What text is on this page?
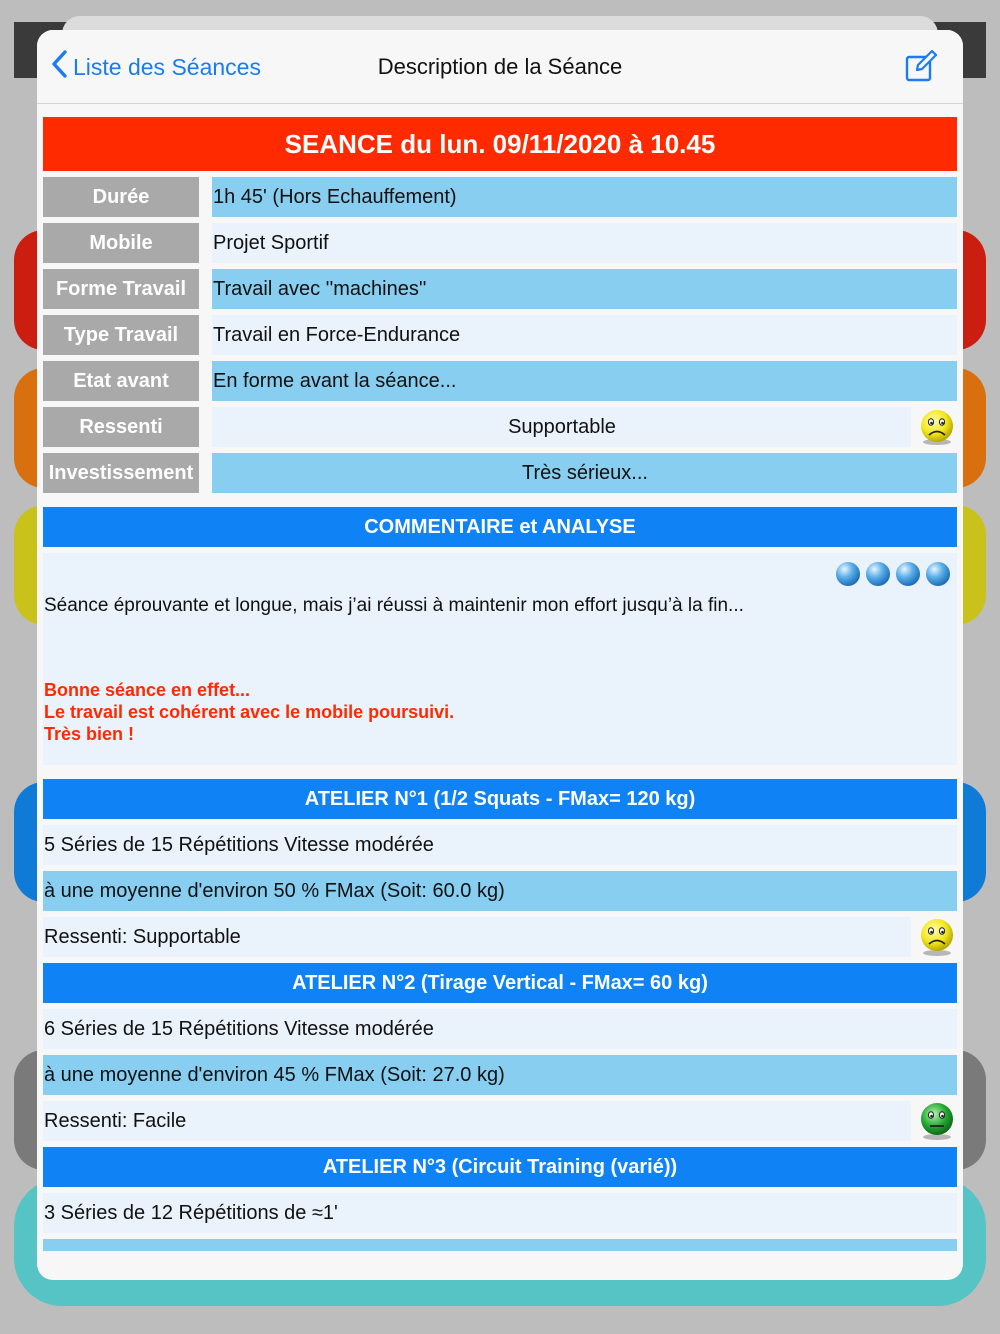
Liste des Séances	Description de la Séance
SEANCE du lun. 09/11/2020 à 10.45
Durée	1h 45' (Hors Echauffement)
Mobile	Projet Sportif
Forme Travail	Travail avec ''machines''
Type Travail	Travail en Force-Endurance
Etat avant	En forme avant la séance...
Ressenti	Supportable
Investissement	Très sérieux...
COMMENTAIRE et ANALYSE
Séance éprouvante et longue, mais j’ai réussi à maintenir mon effort jusqu’à la fin...
Bonne séance en effet...
Le travail est cohérent avec le mobile poursuivi.
Très bien !
ATELIER N°1 (1/2 Squats - FMax= 120 kg)
5 Séries de 15 Répétitions Vitesse modérée
à une moyenne d'environ 50 % FMax (Soit: 60.0 kg)
Ressenti: Supportable
ATELIER N°2 (Tirage Vertical - FMax= 60 kg)
6 Séries de 15 Répétitions Vitesse modérée
à une moyenne d'environ 45 % FMax (Soit: 27.0 kg)
Ressenti: Facile
ATELIER N°3 (Circuit Training (varié))
3 Séries de 12 Répétitions de ≈1'
